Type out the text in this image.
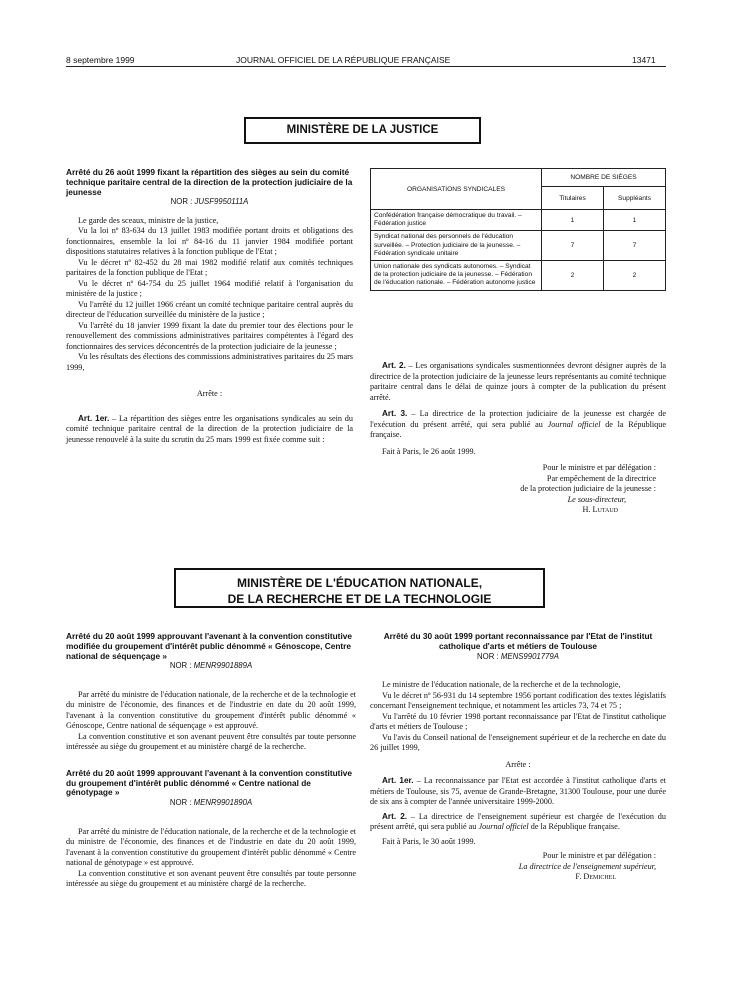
8 septembre 1999	JOURNAL OFFICIEL DE LA RÉPUBLIQUE FRANÇAISE	13471
MINISTÈRE DE LA JUSTICE

Arrêté du 26 août 1999 fixant la répartition des sièges au sein du comité technique paritaire central de la direction de la protection judiciaire de la jeunesse

NOR : JUSF9950111A

Le garde des sceaux, ministre de la justice,

Vu la loi nº 83-634 du 13 juillet 1983 modifiée portant droits et obligations des fonctionnaires, ensemble la loi nº 84-16 du 11 janvier 1984 modifiée portant dispositions statutaires relatives à la fonction publique de l'Etat ;

Vu le décret nº 82-452 du 28 mai 1982 modifié relatif aux comités techniques paritaires de la fonction publique de l'Etat ;

Vu le décret nº 64-754 du 25 juillet 1964 modifié relatif à l'organisation du ministère de la justice ;

Vu l'arrêté du 12 juillet 1966 créant un comité technique paritaire central auprès du directeur de l'éducation surveillée du ministère de la justice ;

Vu l'arrêté du 18 janvier 1999 fixant la date du premier tour des élections pour le renouvellement des commissions administratives paritaires compétentes à l'égard des fonctionnaires des services déconcentrés de la protection judiciaire de la jeunesse ;

Vu les résultats des élections des commissions administratives paritaires du 25 mars 1999,

Arrête :

Art. 1er. – La répartition des sièges entre les organisations syndicales au sein du comité technique paritaire central de la direction de la protection judiciaire de la jeunesse renouvelé à la suite du scrutin du 25 mars 1999 est fixée comme suit :

ORGANISATIONS SYNDICALES	NOMBRE DE SIÈGES	
	Titulaires	Suppléants
Confédération française démocratique du travail. – Fédération justice	1	1
Syndicat national des personnels de l'éducation surveillée. – Protection judiciaire de la jeunesse. – Fédération syndicale unitaire	7	7
Union nationale des syndicats autonomes. – Syndicat de la protection judiciaire de la jeunesse. – Fédération de l'éducation nationale. – Fédération autonome justice	2	2

Art. 2. – Les organisations syndicales susmentionnées devront désigner auprès de la directrice de la protection judiciaire de la jeunesse leurs représentants au comité technique paritaire central dans le délai de quinze jours à compter de la publication du présent arrêté.

Art. 3. – La directrice de la protection judiciaire de la jeunesse est chargée de l'exécution du présent arrêté, qui sera publié au Journal officiel de la République française.

Fait à Paris, le 26 août 1999.

Pour le ministre et par délégation :

Par empêchement de la directrice

de la protection judiciaire de la jeunesse :

Le sous-directeur,

H. Lutaud

MINISTÈRE DE L'ÉDUCATION NATIONALE,
DE LA RECHERCHE ET DE LA TECHNOLOGIE

Arrêté du 20 août 1999 approuvant l'avenant à la convention constitutive modifiée du groupement d'intérêt public dénommé « Génoscope, Centre national de séquençage »

NOR : MENR9901889A

Par arrêté du ministre de l'éducation nationale, de la recherche et de la technologie et du ministre de l'économie, des finances et de l'industrie en date du 20 août 1999, l'avenant à la convention constitutive du groupement d'intérêt public dénommé « Génoscope, Centre national de séquençage » est approuvé.

La convention constitutive et son avenant peuvent être consultés par toute personne intéressée au siège du groupement et au ministère chargé de la recherche.

Arrêté du 20 août 1999 approuvant l'avenant à la convention constitutive du groupement d'intérêt public dénommé « Centre national de génotypage »

NOR : MENR9901890A

Par arrêté du ministre de l'éducation nationale, de la recherche et de la technologie et du ministre de l'économie, des finances et de l'industrie en date du 20 août 1999, l'avenant à la convention constitutive du groupement d'intérêt public dénommé « Centre national de génotypage » est approuvé.

La convention constitutive et son avenant peuvent être consultés par toute personne intéressée au siège du groupement et au ministère chargé de la recherche.

Arrêté du 30 août 1999 portant reconnaissance par l'Etat de l'institut catholique d'arts et métiers de Toulouse

NOR : MENS9901779A

Le ministre de l'éducation nationale, de la recherche et de la technologie,

Vu le décret nº 56-931 du 14 septembre 1956 portant codification des textes législatifs concernant l'enseignement technique, et notamment les articles 73, 74 et 75 ;

Vu l'arrêté du 10 février 1998 portant reconnaissance par l'Etat de l'institut catholique d'arts et métiers de Toulouse ;

Vu l'avis du Conseil national de l'enseignement supérieur et de la recherche en date du 26 juillet 1999,

Arrête :

Art. 1er. – La reconnaissance par l'Etat est accordée à l'institut catholique d'arts et métiers de Toulouse, sis 75, avenue de Grande-Bretagne, 31300 Toulouse, pour une durée de six ans à compter de l'année universitaire 1999-2000.

Art. 2. – La directrice de l'enseignement supérieur est chargée de l'exécution du présent arrêté, qui sera publié au Journal officiel de la République française.

Fait à Paris, le 30 août 1999.

Pour le ministre et par délégation :

La directrice de l'enseignement supérieur,

F. Demichel
